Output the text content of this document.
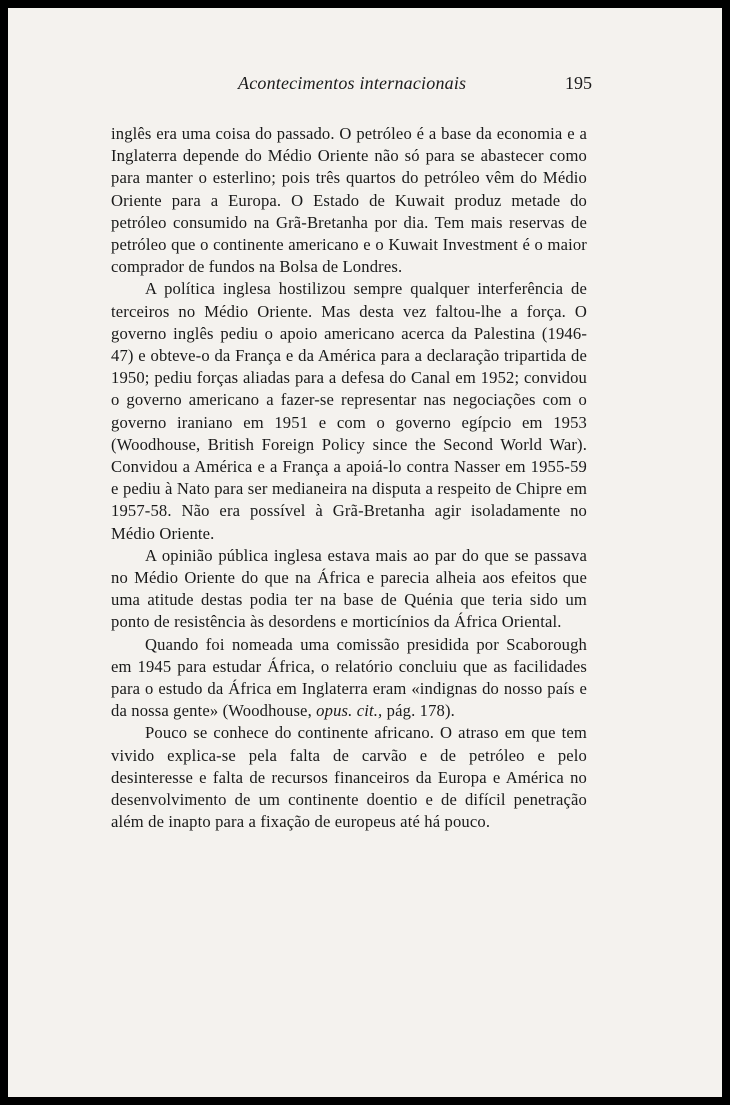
Acontecimentos internacionais	195

inglês era uma coisa do passado. O petróleo é a base da economia e a Inglaterra depende do Médio Oriente não só para se abastecer como para manter o esterlino; pois três quartos do petróleo vêm do Médio Oriente para a Europa. O Estado de Kuwait produz metade do petróleo consumido na Grã-Bretanha por dia. Tem mais reservas de petróleo que o continente americano e o Kuwait Investment é o maior comprador de fundos na Bolsa de Londres.

A política inglesa hostilizou sempre qualquer interferência de terceiros no Médio Oriente. Mas desta vez faltou-lhe a força. O governo inglês pediu o apoio americano acerca da Palestina (1946-47) e obteve-o da França e da América para a declaração tripartida de 1950; pediu forças aliadas para a defesa do Canal em 1952; convidou o governo americano a fazer-se representar nas negociações com o governo iraniano em 1951 e com o governo egípcio em 1953 (Woodhouse, British Foreign Policy since the Second World War). Convidou a América e a França a apoiá-lo contra Nasser em 1955-59 e pediu à Nato para ser medianeira na disputa a respeito de Chipre em 1957-58. Não era possível à Grã-Bretanha agir isoladamente no Médio Oriente.

A opinião pública inglesa estava mais ao par do que se passava no Médio Oriente do que na África e parecia alheia aos efeitos que uma atitude destas podia ter na base de Quénia que teria sido um ponto de resistência às desordens e morticínios da África Oriental.

Quando foi nomeada uma comissão presidida por Scaborough em 1945 para estudar África, o relatório concluiu que as facilidades para o estudo da África em Inglaterra eram «indignas do nosso país e da nossa gente» (Woodhouse, opus. cit., pág. 178).

Pouco se conhece do continente africano. O atraso em que tem vivido explica-se pela falta de carvão e de petróleo e pelo desinteresse e falta de recursos financeiros da Europa e América no desenvolvimento de um continente doentio e de difícil penetração além de inapto para a fixação de europeus até há pouco.
